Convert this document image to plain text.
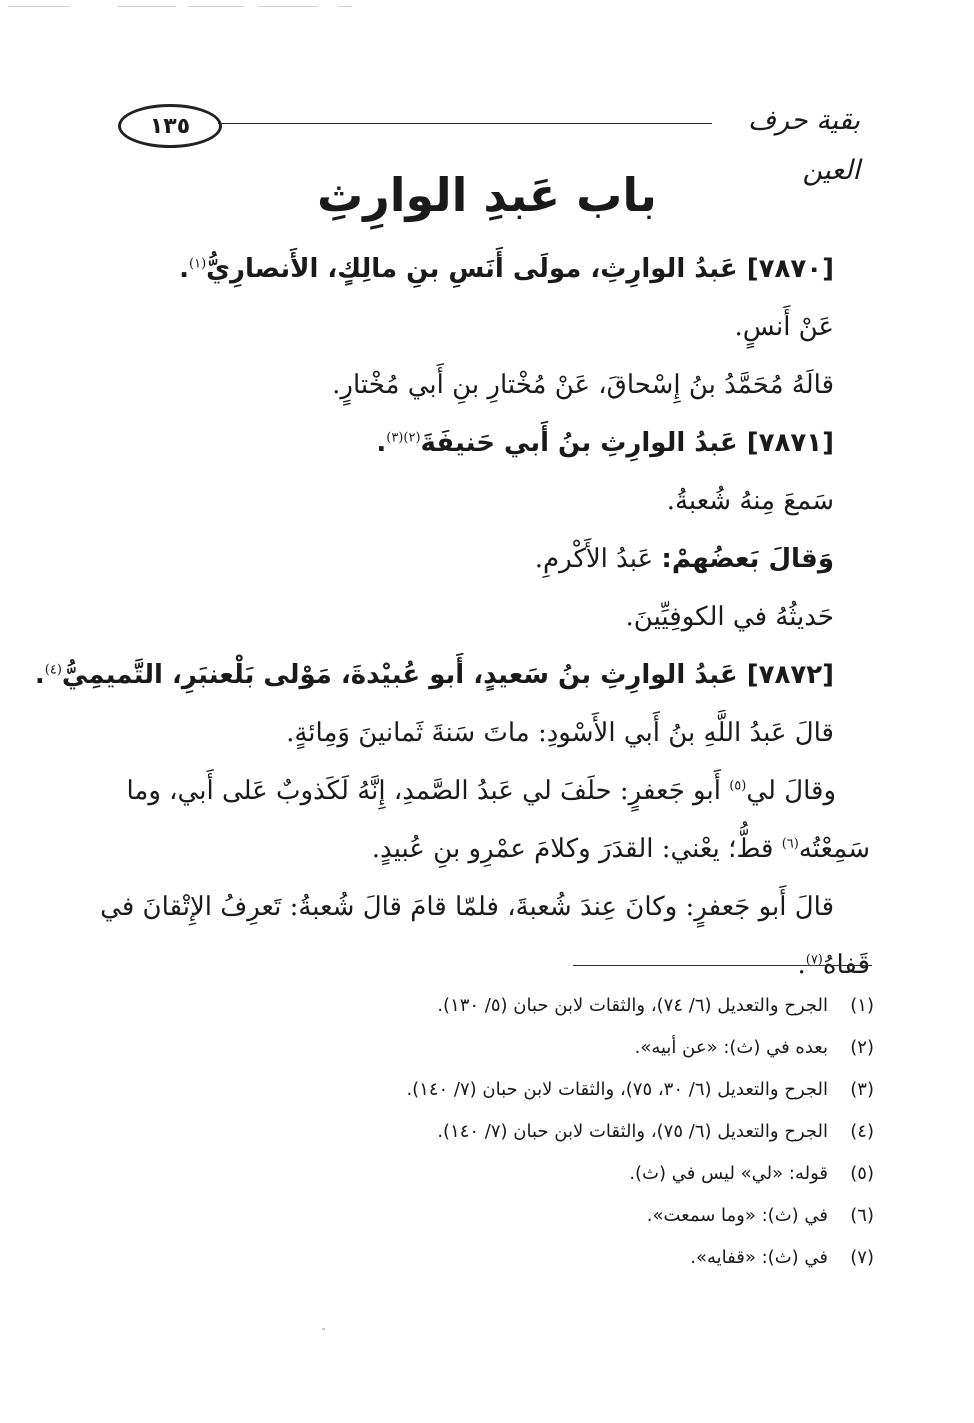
١٣٥	بقية حرف العين
باب عَبدِ الوارِثِ
[٧٨٧٠] عَبدُ الوارِثِ، مولَى أَنَسِ بنِ مالِكٍ، الأَنصارِيُّ$^{(١)}$.
عَنْ أَنسٍ.
قالَهُ مُحَمَّدُ بنُ إِسْحاقَ، عَنْ مُخْتارِ بنِ أَبي مُخْتارٍ.
[٧٨٧١] عَبدُ الوارِثِ بنُ أَبي حَنيفَةَ$^{(٢)(٣)}$.
سَمعَ مِنهُ شُعبةُ.
وَقالَ بَعضُهمْ: عَبدُ الأَكْرمِ.
حَديثُهُ في الكوفِيِّينَ.
[٧٨٧٢] عَبدُ الوارِثِ بنُ سَعيدٍ، أَبو عُبيْدةَ، مَوْلى بَلْعنبَرِ، التَّميمِيُّ$^{(٤)}$.
قالَ عَبدُ اللَّهِ بنُ أَبي الأَسْودِ: ماتَ سَنةَ ثَمانينَ وَمِائةٍ.
وقالَ لي$^{(٥)}$ أَبو جَعفرٍ: حلَفَ لي عَبدُ الصَّمدِ، إِنَّهُ لَكَذوبٌ عَلى أَبي، وما
سَمِعْتُه$^{(٦)}$ قطُّ؛ يعْني: القدَرَ وكلامَ عمْرِو بنِ عُبيدٍ.
قالَ أَبو جَعفرٍ: وكانَ عِندَ شُعبةَ، فلمّا قامَ قالَ شُعبةُ: تَعرِفُ الإِتْقانَ في
قَفاهُ$^{(٧)}$.
(١)الجرح والتعديل (٦/ ٧٤)، والثقات لابن حبان (٥/ ١٣٠).
(٢)بعده في (ث): «عن أبيه».
(٣)الجرح والتعديل (٦/ ٣٠، ٧٥)، والثقات لابن حبان (٧/ ١٤٠).
(٤)الجرح والتعديل (٦/ ٧٥)، والثقات لابن حبان (٧/ ١٤٠).
(٥)قوله: «لي» ليس في (ث).
(٦)في (ث): «وما سمعت».
(٧)في (ث): «قفايه».
